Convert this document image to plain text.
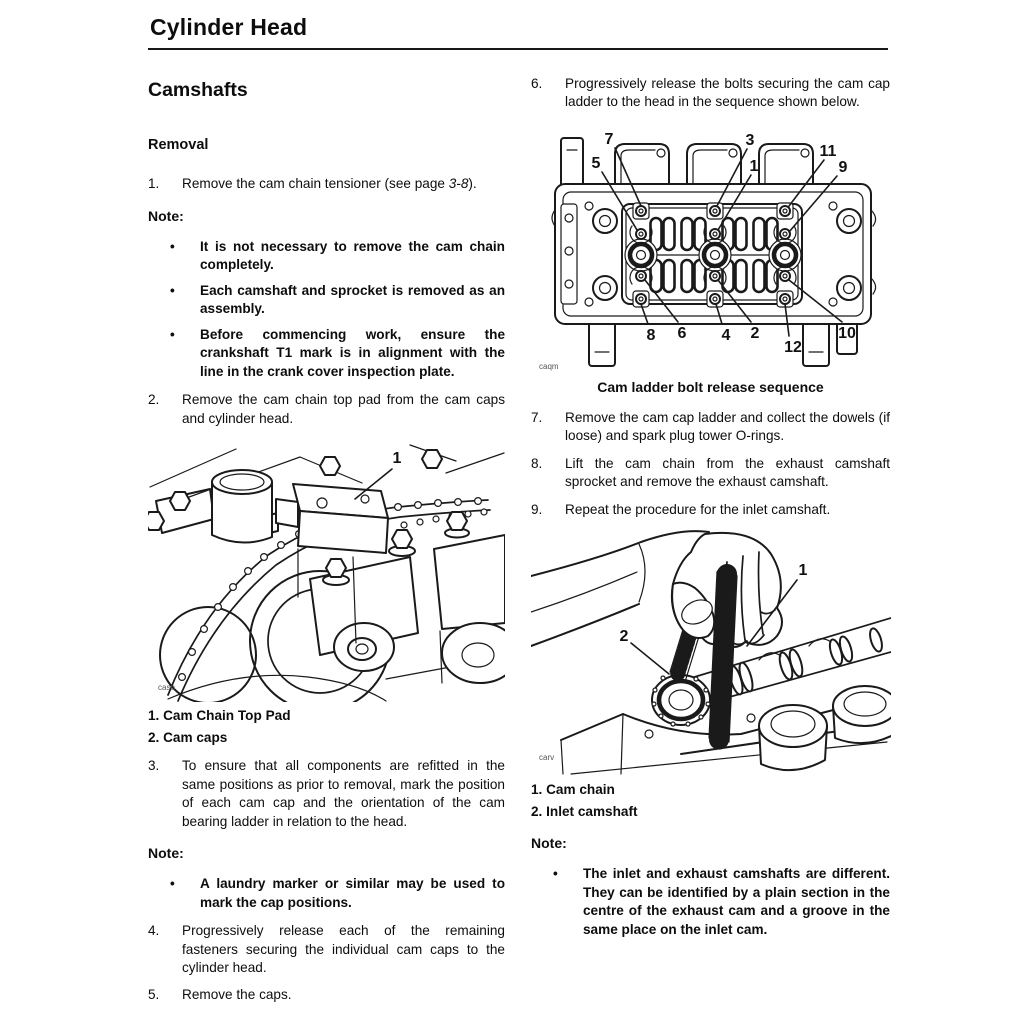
Cylinder Head
Camshafts
Removal
1.	Remove the cam chain tensioner (see page 3-8).

Note:
•	It is not necessary to remove the cam chain completely.

•	Each camshaft and sprocket is removed as an assembly.

•	Before commencing work, ensure the crankshaft T1 mark is in alignment with the line in the crank cover inspection plate.

2.	Remove the cam chain top pad from the cam caps and cylinder head.

1
caso

1. Cam Chain Top Pad

2. Cam caps

3.	To ensure that all components are refitted in the same positions as prior to removal, mark the position of each cam cap and the orientation of the cam bearing ladder in relation to the head.

Note:
•	A laundry marker or similar may be used to mark the cap positions.

4.	Progressively release each of the remaining fasteners securing the individual cam caps to the cylinder head.

5.	Remove the caps.

6.	Progressively release the bolts securing the cam cap ladder to the head in the sequence shown below.

7
5
3
1
11
9
8 6 4 2
12
10
caqm
Cam ladder bolt release sequence
7.	Remove the cam cap ladder and collect the dowels (if loose) and spark plug tower O-rings.

8.	Lift the cam chain from the exhaust camshaft sprocket and remove the exhaust camshaft.

9.	Repeat the procedure for the inlet camshaft.

1
2
carv

1. Cam chain

2. Inlet camshaft

Note:
•	The inlet and exhaust camshafts are different. They can be identified by a plain section in the centre of the exhaust cam and a groove in the same place on the inlet cam.
